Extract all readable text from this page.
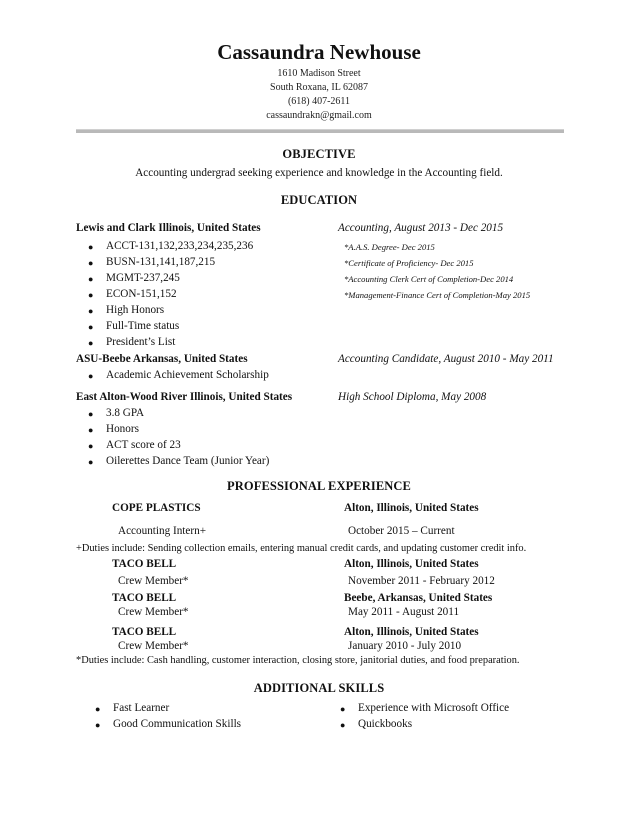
Cassaundra Newhouse
1610 Madison Street
South Roxana, IL 62087
(618) 407-2611
cassaundrakn@gmail.com
OBJECTIVE
Accounting undergrad seeking experience and knowledge in the Accounting field.
EDUCATION
Lewis and Clark Illinois, United States	Accounting, August 2013 - Dec 2015
ACCT-131,132,233,234,235,236
BUSN-131,141,187,215
MGMT-237,245
ECON-151,152
High Honors
Full-Time status
President’s List
*A.A.S. Degree- Dec 2015
*Certificate of Proficiency- Dec 2015
*Accounting Clerk Cert of Completion-Dec 2014
*Management-Finance Cert of Completion-May 2015
ASU-Beebe Arkansas, United States	Accounting Candidate, August 2010 - May 2011
Academic Achievement Scholarship
East Alton-Wood River Illinois, United States	High School Diploma, May 2008
3.8 GPA
Honors
ACT score of 23
Oilerettes Dance Team (Junior Year)
●
●
●
●
●
●
●
●
●
●
●
●
PROFESSIONAL EXPERIENCE
COPE PLASTICS	Alton, Illinois, United States
Accounting Intern+	October 2015 – Current
+Duties include: Sending collection emails, entering manual credit cards, and updating customer credit info.
TACO BELL	Alton, Illinois, United States
Crew Member*	November 2011 - February 2012
TACO BELL	Beebe, Arkansas, United States
Crew Member*	May 2011 - August 2011
TACO BELL	Alton, Illinois, United States
Crew Member*	January 2010 - July 2010
*Duties include: Cash handling, customer interaction, closing store, janitorial duties, and food preparation.
ADDITIONAL SKILLS
● Fast Learner
● Good Communication Skills
● Experience with Microsoft Office
● Quickbooks
